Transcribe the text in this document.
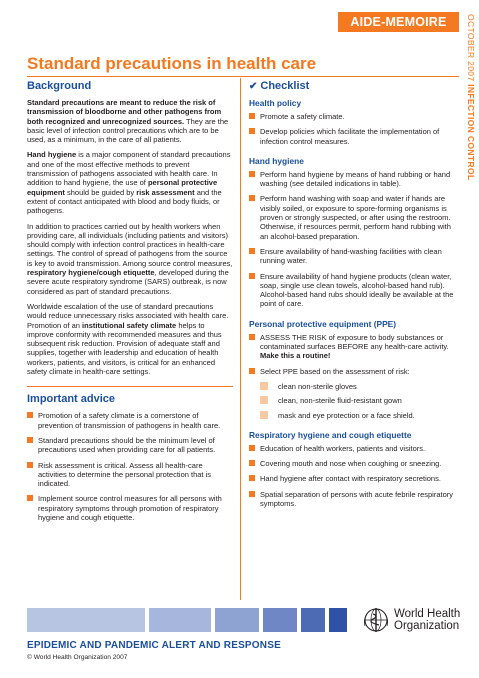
AIDE-MEMOIRE	OCTOBER 2007 INFECTION CONTROL
Standard precautions in health care
Background

Standard precautions are meant to reduce the risk of transmission of bloodborne and other pathogens from both recognized and unrecognized sources. They are the basic level of infection control precautions which are to be used, as a minimum, in the care of all patients.

Hand hygiene is a major component of standard precautions and one of the most effective methods to prevent transmission of pathogens associated with health care. In addition to hand hygiene, the use of personal protective equipment should be guided by risk assessment and the extent of contact anticipated with blood and body fluids, or pathogens.

In addition to practices carried out by health workers when providing care, all individuals (including patients and visitors) should comply with infection control practices in health-care settings. The control of spread of pathogens from the source is key to avoid transmission. Among source control measures, respiratory hygiene/cough etiquette, developed during the severe acute respiratory syndrome (SARS) outbreak, is now considered as part of standard precautions.

Worldwide escalation of the use of standard precautions would reduce unnecessary risks associated with health care. Promotion of an institutional safety climate helps to improve conformity with recommended measures and thus subsequent risk reduction. Provision of adequate staff and supplies, together with leadership and education of health workers, patients, and visitors, is critical for an enhanced safety climate in health-care settings.

Important advice
Promotion of a safety climate is a cornerstone of prevention of transmission of pathogens in health care.
Standard precautions should be the minimum level of precautions used when providing care for all patients.
Risk assessment is critical. Assess all health-care activities to determine the personal protection that is indicated.
Implement source control measures for all persons with respiratory symptoms through promotion of respiratory hygiene and cough etiquette.
✔ Checklist
Health policy
Promote a safety climate.
Develop policies which facilitate the implementation of infection control measures.
Hand hygiene
Perform hand hygiene by means of hand rubbing or hand washing (see detailed indications in table).
Perform hand washing with soap and water if hands are visibly soiled, or exposure to spore-forming organisms is proven or strongly suspected, or after using the restroom. Otherwise, if resources permit, perform hand rubbing with an alcohol-based preparation.
Ensure availability of hand-washing facilities with clean running water.
Ensure availability of hand hygiene products (clean water, soap, single use clean towels, alcohol-based hand rub). Alcohol-based hand rubs should ideally be available at the point of care.
Personal protective equipment (PPE)
ASSESS THE RISK of exposure to body substances or contaminated surfaces BEFORE any health-care activity. Make this a routine!
Select PPE based on the assessment of risk:
clean non-sterile gloves
clean, non-sterile fluid-resistant gown
mask and eye protection or a face shield.
Respiratory hygiene and cough etiquette
Education of health workers, patients and visitors.
Covering mouth and nose when coughing or sneezing.
Hand hygiene after contact with respiratory secretions.
Spatial separation of persons with acute febrile respiratory symptoms.
World Health
Organization
EPIDEMIC AND PANDEMIC ALERT AND RESPONSE
© World Health Organization 2007
